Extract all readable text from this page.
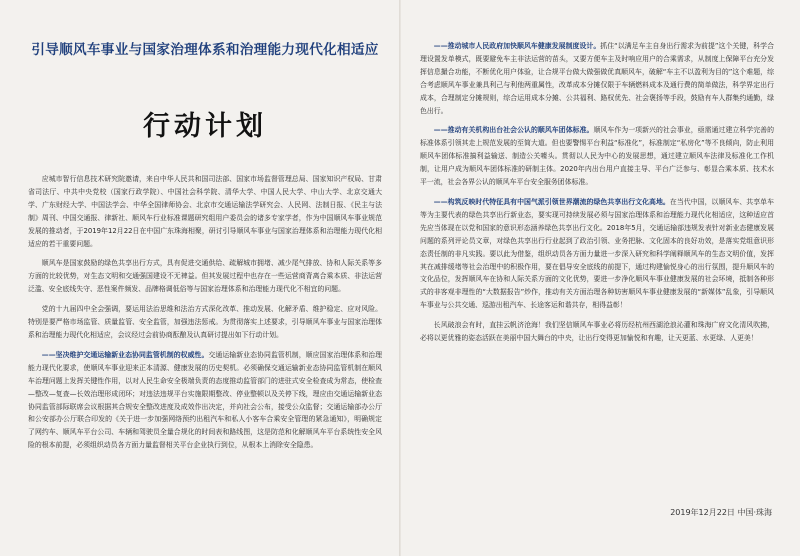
引导顺风车事业与国家治理体系和治理能力现代化相适应
行动计划

应城市智行信息技术研究院邀请，来自中华人民共和国司法部、国家市场监督管理总局、国家知识产权局、甘肃省司法厅、中共中央党校（国家行政学院）、中国社会科学院、清华大学、中国人民大学、中山大学、北京交通大学、广东财经大学、中国法学会、中华全国律师协会、北京市交通运输法学研究会、人民网、法制日报、《民主与法制》周刊、中国交通报、律新社、顺风车行业标准课题研究组用户委员会的诸多专家学者，作为中国顺风车事业规范发展的推动者，于2019年12月22日在中国广东珠海相聚，研讨引导顺风车事业与国家治理体系和治理能力现代化相适应的若干重要问题。

顺风车是国家鼓励的绿色共享出行方式，具有促进交通供给、疏解城市拥堵、减少尾气排放、协和人际关系等多方面的比较优势，对生态文明和交通强国建设不无裨益。但其发展过程中也存在一些运营商背离合乘本质、非法运营泛滥、安全底线失守、恶性案件频发、品牌格调低俗等与国家治理体系和治理能力现代化不相宜的问题。

党的十九届四中全会强调，要运用法治思维和法治方式深化改革、推动发展、化解矛盾、维护稳定、应对风险。特别是要严格市场监管、质量监管、安全监管，加强违法惩戒。为贯彻落实上述要求，引导顺风车事业与国家治理体系和治理能力现代化相适应，会议经过会前协商酝酿及认真研讨提出如下行动计划。

——坚决维护交通运输新业态协同监管机制的权威性。交通运输新业态协同监管机制，顺应国家治理体系和治理能力现代化要求，使顺风车事业迎来正本清源、健康发展的历史契机。必须确保交通运输新业态协同监管机制在顺风车治理问题上发挥关键性作用，以对人民生命安全极端负责的态度推动监管部门的进驻式安全检查成为常态，使检查—整改—复查—长效治理形成闭环；对违法违规平台实施限期整改、停业整顿以及关停下线，理应由交通运输新业态协同监管部际联席会议根据其合规安全整改进度及成效作出决定，并向社会公布，接受公众监督；交通运输部办公厅和公安部办公厅联合印发的《关于进一步加强网络预约出租汽车和私人小客车合乘安全管理的紧急通知》，明确规定了网约车、顺风车平台公司、车辆和驾驶员全量合规化的时间表和路线图，这是防范和化解顺风车平台系统性安全风险的根本前提，必须组织动员各方面力量监督相关平台企业执行到位，从根本上消除安全隐患。

——推动城市人民政府加快顺风车健康发展制度设计。抓住“以满足车主自身出行需求为前提”这个关键，科学合理设置发单模式，既要避免车主非法运营的苗头，又要方便车主及时响应用户的合乘需求，从制度上保障平台充分发挥信息撮合功能，不断优化用户体验，让合规平台做大做强做优真顺风车，破解“车主不以盈利为目的”这个难题，综合考虑顺风车事业兼具利己与利他两重属性，改革成本分摊仅限于车辆燃料成本及通行费的简单做法，科学界定出行成本，合理制定分摊规则，综合运用成本分摊、公共福利、路权优先、社会褒扬等手段，鼓励有车人群集约通勤，绿色出行。

——推动有关机构出台社会公认的顺风车团体标准。顺风车作为一项新兴的社会事业，亟需通过建立科学完善的标准体系引领其走上规范发展的至简大道。但也要警惕平台利益“标准化”，标准制定“私房化”等不良倾向，防止利用顺风车团体标准搞利益输送、制造公关噱头。贯彻以人民为中心的发展思想，通过建立顺风车法律及标准化工作机制，让用户成为顺风车团体标准的研制主体。2020年内出台用户直接主导、平台广泛参与、彰显合乘本质、技术水平一流，社会各界公认的顺风车平台安全服务团体标准。

——构筑反映时代特征具有中国气派引领世界潮流的绿色共享出行文化高地。在当代中国，以顺风车、共享单车等为主要代表的绿色共享出行新业态，要实现可持续发展必须与国家治理体系和治理能力现代化相适应，这种适应首先应当体现在以党和国家的意识形态涵养绿色共享出行文化。2018年5月，交通运输部违规发表针对新业态健康发展问题的系列评论员文章，对绿色共享出行行业起到了政治引领、业务把脉、文化固本的良好功效，是落实党组意识形态责任制的非凡实践。要以此为借鉴，组织动员各方面力量进一步深入研究和科学阐释顺风车的生态文明价值，发挥其在减排缓堵等社会治理中的积极作用，要在倡导安全底线的前提下，通过构建愉悦身心的出行氛围，提升顺风车的文化品位，发挥顺风车在协和人际关系方面的文化优势，要进一步净化顺风车事业健康发展的社会环境，抵制各种形式的非客观非理性的“大数据报告”炒作，推动有关方面治理各种妨害顺风车事业健康发展的“新媒体”乱象，引导顺风车事业与公共交通、巡游出租汽车、长途客运和谐共存，相得益彰！

长风破浪会有时，直挂云帆济沧海！我们坚信顺风车事业必将历经杭州西湖沧浪沁灌和珠海广府文化清风吹拂，必将以更优雅的姿态活跃在美丽中国大舞台的中央，让出行变得更加愉悦和有趣，让天更蓝、水更绿、人更美！

2019年12月22日 中国·珠海
